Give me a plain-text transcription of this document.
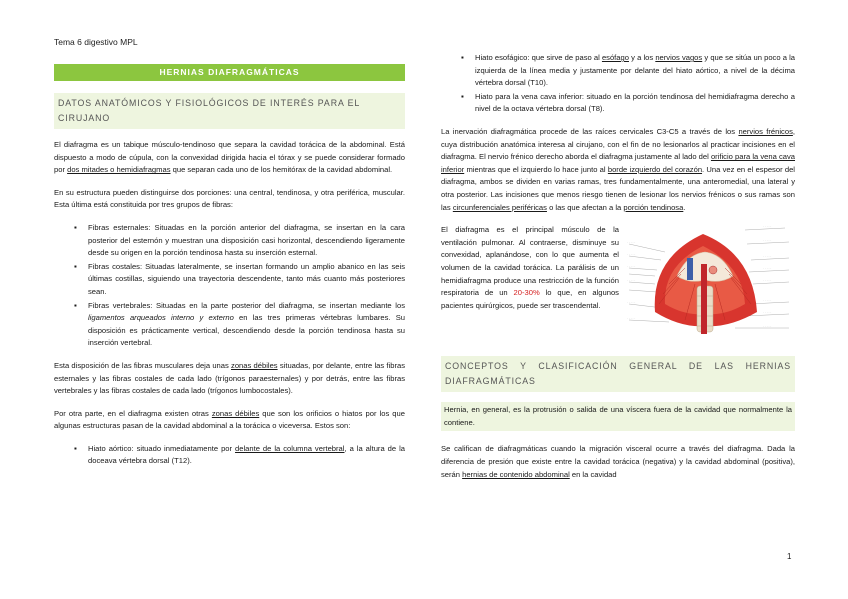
Tema 6 digestivo MPL
HERNIAS DIAFRAGMÁTICAS
DATOS ANATÓMICOS Y FISIOLÓGICOS DE INTERÉS PARA EL CIRUJANO

El diafragma es un tabique músculo-tendinoso que separa la cavidad torácica de la abdominal. Está dispuesto a modo de cúpula, con la convexidad dirigida hacia el tórax y se puede considerar formado por dos mitades o hemidiafragmas que separan cada uno de los hemitórax de la cavidad abdominal.

En su estructura pueden distinguirse dos porciones: una central, tendinosa, y otra periférica, muscular. Esta última está constituida por tres grupos de fibras:

▪ Fibras esternales: Situadas en la porción anterior del diafragma, se insertan en la cara posterior del esternón y muestran una disposición casi horizontal, descendiendo ligeramente desde su origen en la porción tendinosa hasta su inserción esternal.
▪ Fibras costales: Situadas lateralmente, se insertan formando un amplio abanico en las seis últimas costillas, siguiendo una trayectoria descendente, tanto más cuanto más posteriores sean.
▪ Fibras vertebrales: Situadas en la parte posterior del diafragma, se insertan mediante los ligamentos arqueados interno y externo en las tres primeras vértebras lumbares. Su disposición es prácticamente vertical, descendiendo desde la porción tendinosa hasta su inserción vertebral.

Esta disposición de las fibras musculares deja unas zonas débiles situadas, por delante, entre las fibras esternales y las fibras costales de cada lado (trígonos paraesternales) y por detrás, entre las fibras vertebrales y las fibras costales de cada lado (trígonos lumbocostales).

Por otra parte, en el diafragma existen otras zonas débiles que son los orificios o hiatos por los que algunas estructuras pasan de la cavidad abdominal a la torácica o viceversa. Estos son:

▪ Hiato aórtico: situado inmediatamente por delante de la columna vertebral, a la altura de la doceava vértebra dorsal (T12).
▪ Hiato esofágico: que sirve de paso al esófago y a los nervios vagos y que se sitúa un poco a la izquierda de la línea media y justamente por delante del hiato aórtico, a nivel de la décima vértebra dorsal (T10).
▪ Hiato para la vena cava inferior: situado en la porción tendinosa del hemidiafragma derecho a nivel de la octava vértebra dorsal (T8).

La inervación diafragmática procede de las raíces cervicales C3-C5 a través de los nervios frénicos, cuya distribución anatómica interesa al cirujano, con el fin de no lesionarlos al practicar incisiones en el diafragma. El nervio frénico derecho aborda el diafragma justamente al lado del orificio para la vena cava inferior mientras que el izquierdo lo hace junto al borde izquierdo del corazón. Una vez en el espesor del diafragma, ambos se dividen en varias ramas, tres fundamentalmente, una anteromedial, una lateral y otra posterior. Las incisiones que menos riesgo tienen de lesionar los nervios frénicos o sus ramas son las circunferenciales periféricas o las que afectan a la porción tendinosa.

El diafragma es el principal músculo de la ventilación pulmonar. Al contraerse, disminuye su convexidad, aplanándose, con lo que aumenta el volumen de la cavidad torácica. La parálisis de un hemidiafragma produce una restricción de la función respiratoria de un 20-30% lo que, en algunos pacientes quirúrgicos, puede ser trascendental.

· · · · ·
· · · · ·
· · · · ·
· · · · ·
· · · · ·
· · · · ·
· · · · ·
· · · · ·
· · · · ·
· · · · ·
· · · · ·
· · · · ·
· · · · ·
· · · · ·
CONCEPTOS Y CLASIFICACIÓN GENERAL DE LAS HERNIAS DIAFRAGMÁTICAS

Hernia, en general, es la protrusión o salida de una víscera fuera de la cavidad que normalmente la contiene.

Se califican de diafragmáticas cuando la migración visceral ocurre a través del diafragma. Dada la diferencia de presión que existe entre la cavidad torácica (negativa) y la cavidad abdominal (positiva), serán hernias de contenido abdominal en la cavidad

1
